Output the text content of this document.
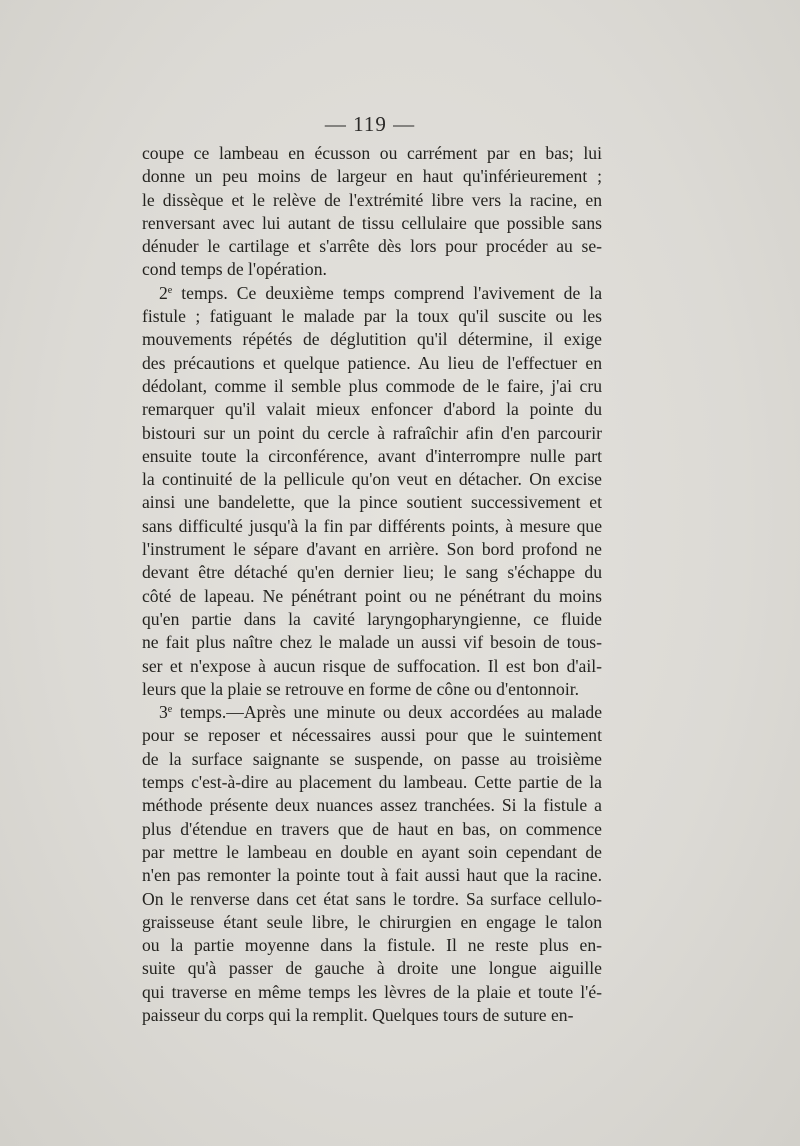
— 119 —
coupe ce lambeau en écusson ou carrément par en bas; lui
donne un peu moins de largeur en haut qu'inférieurement ;
le dissèque et le relève de l'extrémité libre vers la racine, en
renversant avec lui autant de tissu cellulaire que possible sans
dénuder le cartilage et s'arrête dès lors pour procéder au se-
cond temps de l'opération.
2e temps. Ce deuxième temps comprend l'avivement de la
fistule ; fatiguant le malade par la toux qu'il suscite ou les
mouvements répétés de déglutition qu'il détermine, il exige
des précautions et quelque patience. Au lieu de l'effectuer en
dédolant, comme il semble plus commode de le faire, j'ai cru
remarquer qu'il valait mieux enfoncer d'abord la pointe du
bistouri sur un point du cercle à rafraîchir afin d'en parcourir
ensuite toute la circonférence, avant d'interrompre nulle part
la continuité de la pellicule qu'on veut en détacher. On excise
ainsi une bandelette, que la pince soutient successivement et
sans difficulté jusqu'à la fin par différents points, à mesure que
l'instrument le sépare d'avant en arrière. Son bord profond ne
devant être détaché qu'en dernier lieu; le sang s'échappe du
côté de lapeau. Ne pénétrant point ou ne pénétrant du moins
qu'en partie dans la cavité laryngopharyngienne, ce fluide
ne fait plus naître chez le malade un aussi vif besoin de tous-
ser et n'expose à aucun risque de suffocation. Il est bon d'ail-
leurs que la plaie se retrouve en forme de cône ou d'entonnoir.
3e temps.—Après une minute ou deux accordées au malade
pour se reposer et nécessaires aussi pour que le suintement
de la surface saignante se suspende, on passe au troisième
temps c'est-à-dire au placement du lambeau. Cette partie de la
méthode présente deux nuances assez tranchées. Si la fistule a
plus d'étendue en travers que de haut en bas, on commence
par mettre le lambeau en double en ayant soin cependant de
n'en pas remonter la pointe tout à fait aussi haut que la racine.
On le renverse dans cet état sans le tordre. Sa surface cellulo-
graisseuse étant seule libre, le chirurgien en engage le talon
ou la partie moyenne dans la fistule. Il ne reste plus en-
suite qu'à passer de gauche à droite une longue aiguille
qui traverse en même temps les lèvres de la plaie et toute l'é-
paisseur du corps qui la remplit. Quelques tours de suture en-
